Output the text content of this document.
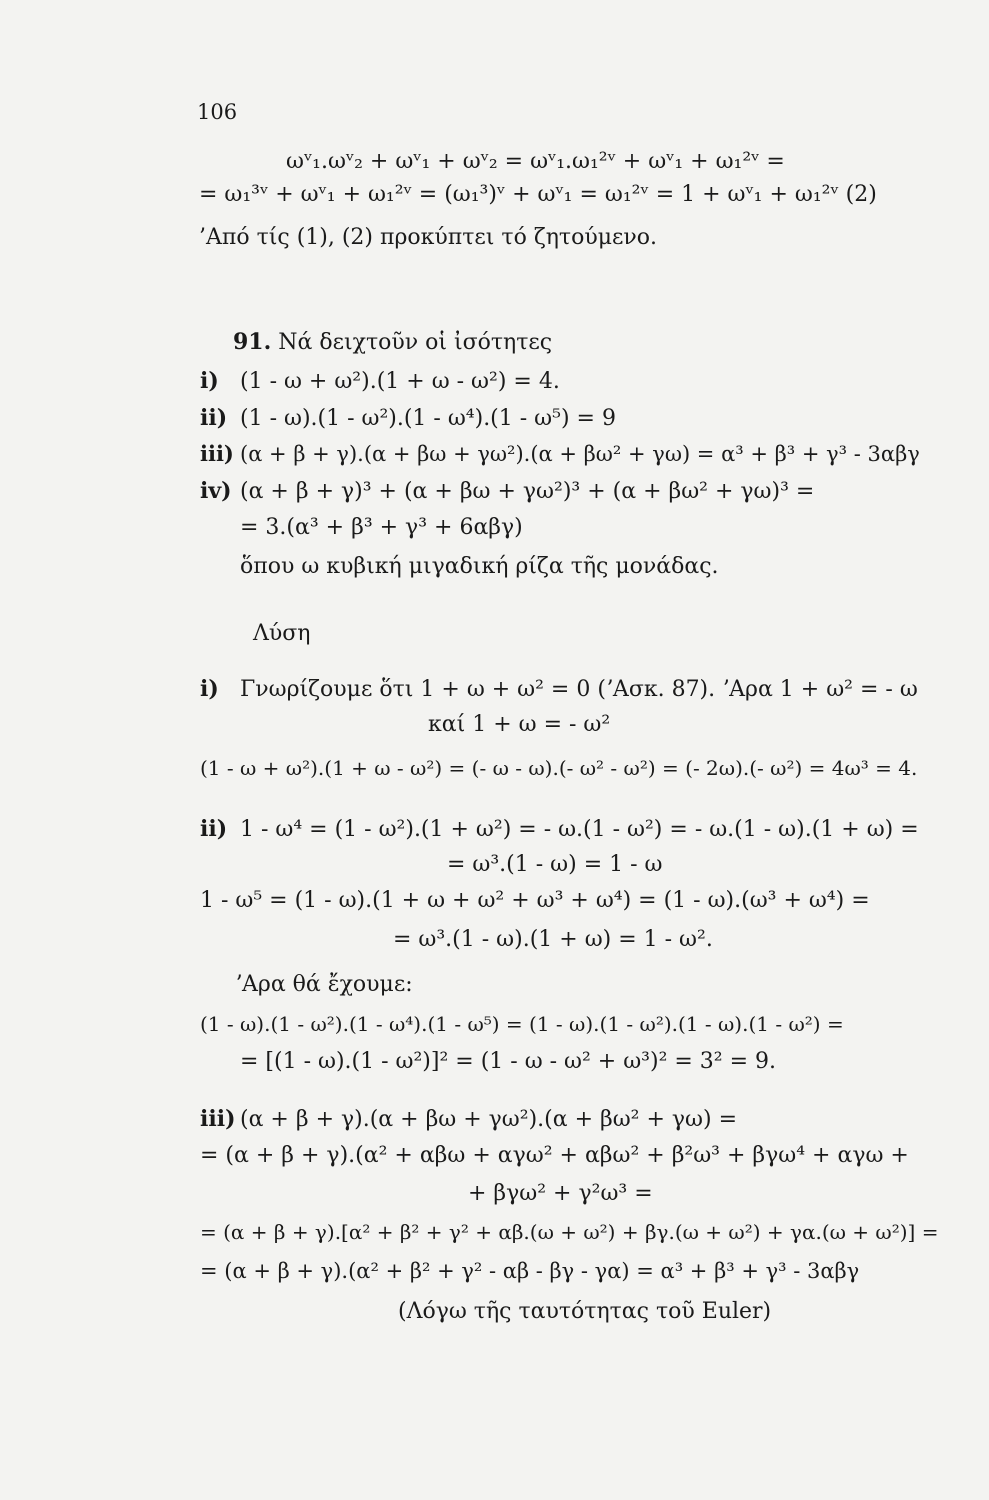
106
ωᵛ₁.ωᵛ₂ + ωᵛ₁ + ωᵛ₂ = ωᵛ₁.ω₁²ᵛ + ωᵛ₁ + ω₁²ᵛ =
= ω₁³ᵛ + ωᵛ₁ + ω₁²ᵛ = (ω₁³)ᵛ + ωᵛ₁ = ω₁²ᵛ = 1 + ωᵛ₁ + ω₁²ᵛ (2)
’Από τίς (1), (2) προκύπτει τό ζητούμενο.
91. Νά δειχτοῦν οἱ ἰσότητες
i) (1 - ω + ω²).(1 + ω - ω²) = 4.
ii) (1 - ω).(1 - ω²).(1 - ω⁴).(1 - ω⁵) = 9
iii) (α + β + γ).(α + βω + γω²).(α + βω² + γω) = α³ + β³ + γ³ - 3αβγ
iv) (α + β + γ)³ + (α + βω + γω²)³ + (α + βω² + γω)³ =
= 3.(α³ + β³ + γ³ + 6αβγ)
ὅπου ω κυβική μιγαδική ρίζα τῆς μονάδας.
Λύση
i) Γνωρίζουμε ὅτι 1 + ω + ω² = 0 (ʼΑσκ. 87). ʼΑρα 1 + ω² = - ω
καί 1 + ω = - ω²
(1 - ω + ω²).(1 + ω - ω²) = (- ω - ω).(- ω² - ω²) = (- 2ω).(- ω²) = 4ω³ = 4.
ii) 1 - ω⁴ = (1 - ω²).(1 + ω²) = - ω.(1 - ω²) = - ω.(1 - ω).(1 + ω) =
= ω³.(1 - ω) = 1 - ω
1 - ω⁵ = (1 - ω).(1 + ω + ω² + ω³ + ω⁴) = (1 - ω).(ω³ + ω⁴) =
= ω³.(1 - ω).(1 + ω) = 1 - ω².
ʼΑρα θά ἔχουμε:
(1 - ω).(1 - ω²).(1 - ω⁴).(1 - ω⁵) = (1 - ω).(1 - ω²).(1 - ω).(1 - ω²) =
= [(1 - ω).(1 - ω²)]² = (1 - ω - ω² + ω³)² = 3² = 9.
iii) (α + β + γ).(α + βω + γω²).(α + βω² + γω) =
= (α + β + γ).(α² + αβω + αγω² + αβω² + β²ω³ + βγω⁴ + αγω +
+ βγω² + γ²ω³ =
= (α + β + γ).[α² + β² + γ² + αβ.(ω + ω²) + βγ.(ω + ω²) + γα.(ω + ω²)] =
= (α + β + γ).(α² + β² + γ² - αβ - βγ - γα) = α³ + β³ + γ³ - 3αβγ
(Λόγω τῆς ταυτότητας τοῦ Euler)
